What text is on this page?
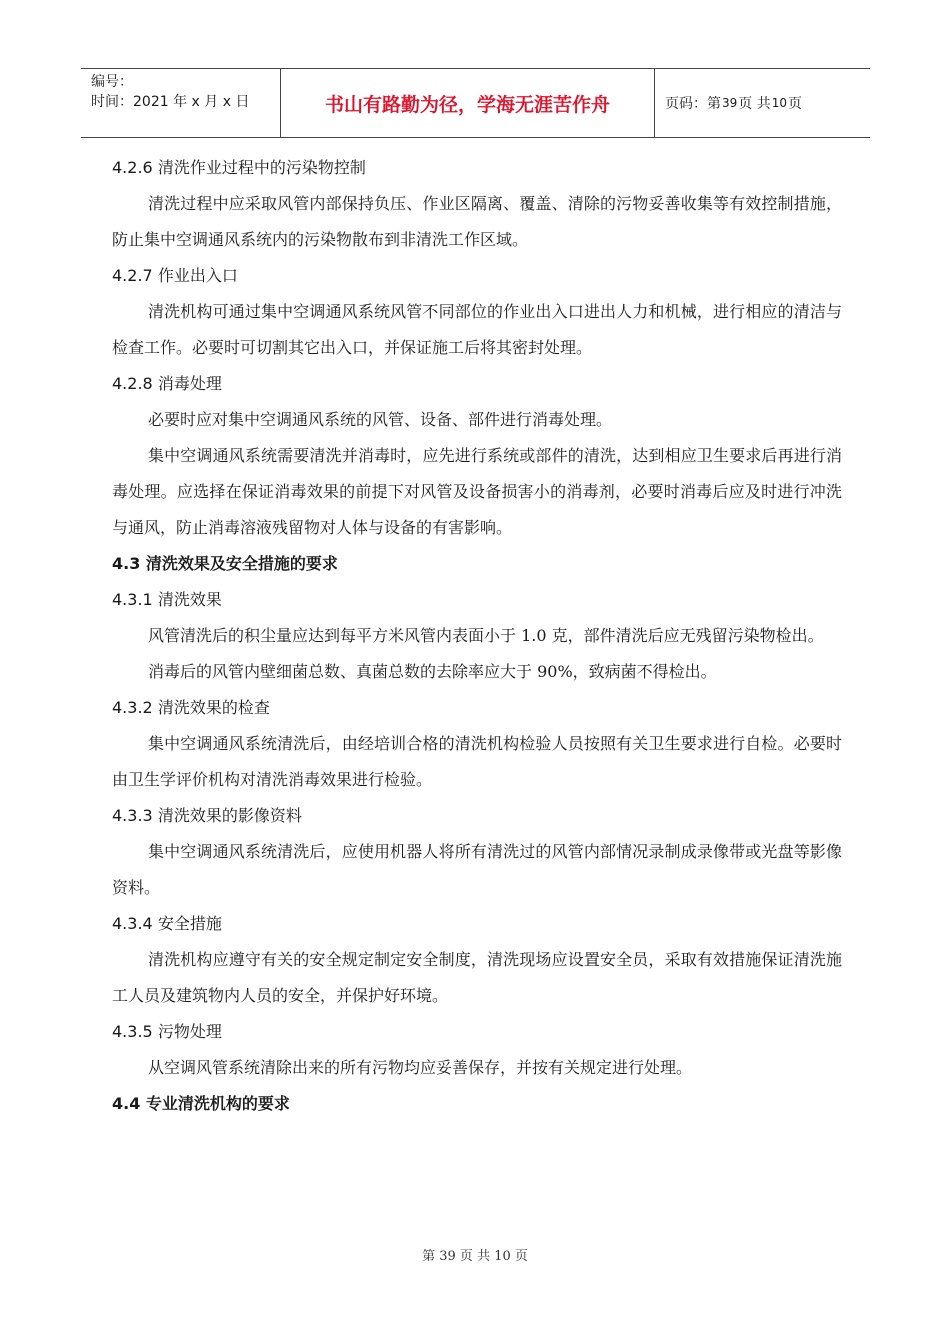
编号：
时间：2021 年 x 月 x 日	书山有路勤为径，学海无涯苦作舟	页码：第 39 页 共 10 页
4.2.6 清洗作业过程中的污染物控制
清洗过程中应采取风管内部保持负压、作业区隔离、覆盖、清除的污物妥善收集等有效控制措施，防止集中空调通风系统内的污染物散布到非清洗工作区域。
4.2.7 作业出入口
清洗机构可通过集中空调通风系统风管不同部位的作业出入口进出人力和机械，进行相应的清洁与检查工作。必要时可切割其它出入口，并保证施工后将其密封处理。
4.2.8 消毒处理
必要时应对集中空调通风系统的风管、设备、部件进行消毒处理。
集中空调通风系统需要清洗并消毒时，应先进行系统或部件的清洗，达到相应卫生要求后再进行消毒处理。应选择在保证消毒效果的前提下对风管及设备损害小的消毒剂，必要时消毒后应及时进行冲洗与通风，防止消毒溶液残留物对人体与设备的有害影响。
4.3 清洗效果及安全措施的要求
4.3.1 清洗效果
风管清洗后的积尘量应达到每平方米风管内表面小于 1.0 克，部件清洗后应无残留污染物检出。
消毒后的风管内壁细菌总数、真菌总数的去除率应大于 90%，致病菌不得检出。
4.3.2 清洗效果的检查
集中空调通风系统清洗后，由经培训合格的清洗机构检验人员按照有关卫生要求进行自检。必要时由卫生学评价机构对清洗消毒效果进行检验。
4.3.3 清洗效果的影像资料
集中空调通风系统清洗后，应使用机器人将所有清洗过的风管内部情况录制成录像带或光盘等影像资料。
4.3.4 安全措施
清洗机构应遵守有关的安全规定制定安全制度，清洗现场应设置安全员，采取有效措施保证清洗施工人员及建筑物内人员的安全，并保护好环境。
4.3.5 污物处理
从空调风管系统清除出来的所有污物均应妥善保存，并按有关规定进行处理。
4.4 专业清洗机构的要求
第 39 页 共 10 页
